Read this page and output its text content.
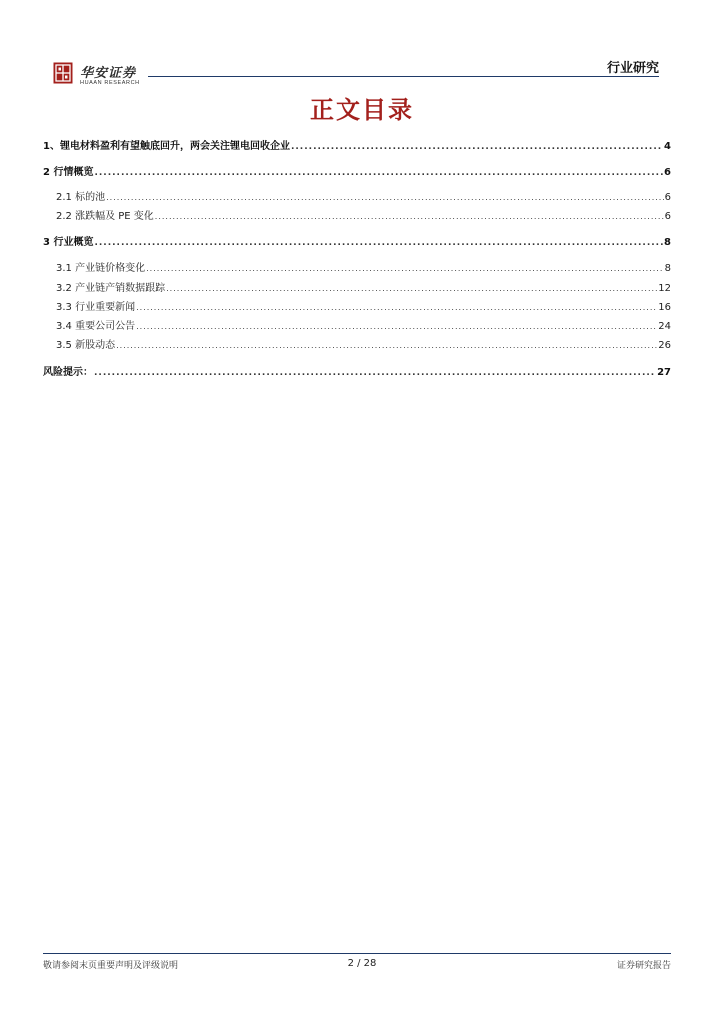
华安证券
HUAAN RESEARCH
行业研究
正文目录
1、锂电材料盈利有望触底回升，两会关注锂电回收企业 .....	4
2 行情概览 .....	6
2.1 标的池 .....	6
2.2 涨跌幅及 PE 变化 .....	6
3 行业概览 .....	8
3.1 产业链价格变化 .....	8
3.2 产业链产销数据跟踪 .....	12
3.3 行业重要新闻 .....	16
3.4 重要公司公告 .....	24
3.5 新股动态 .....	26
风险提示： .....	27
敬请参阅末页重要声明及评级说明	2 / 28	证券研究报告
